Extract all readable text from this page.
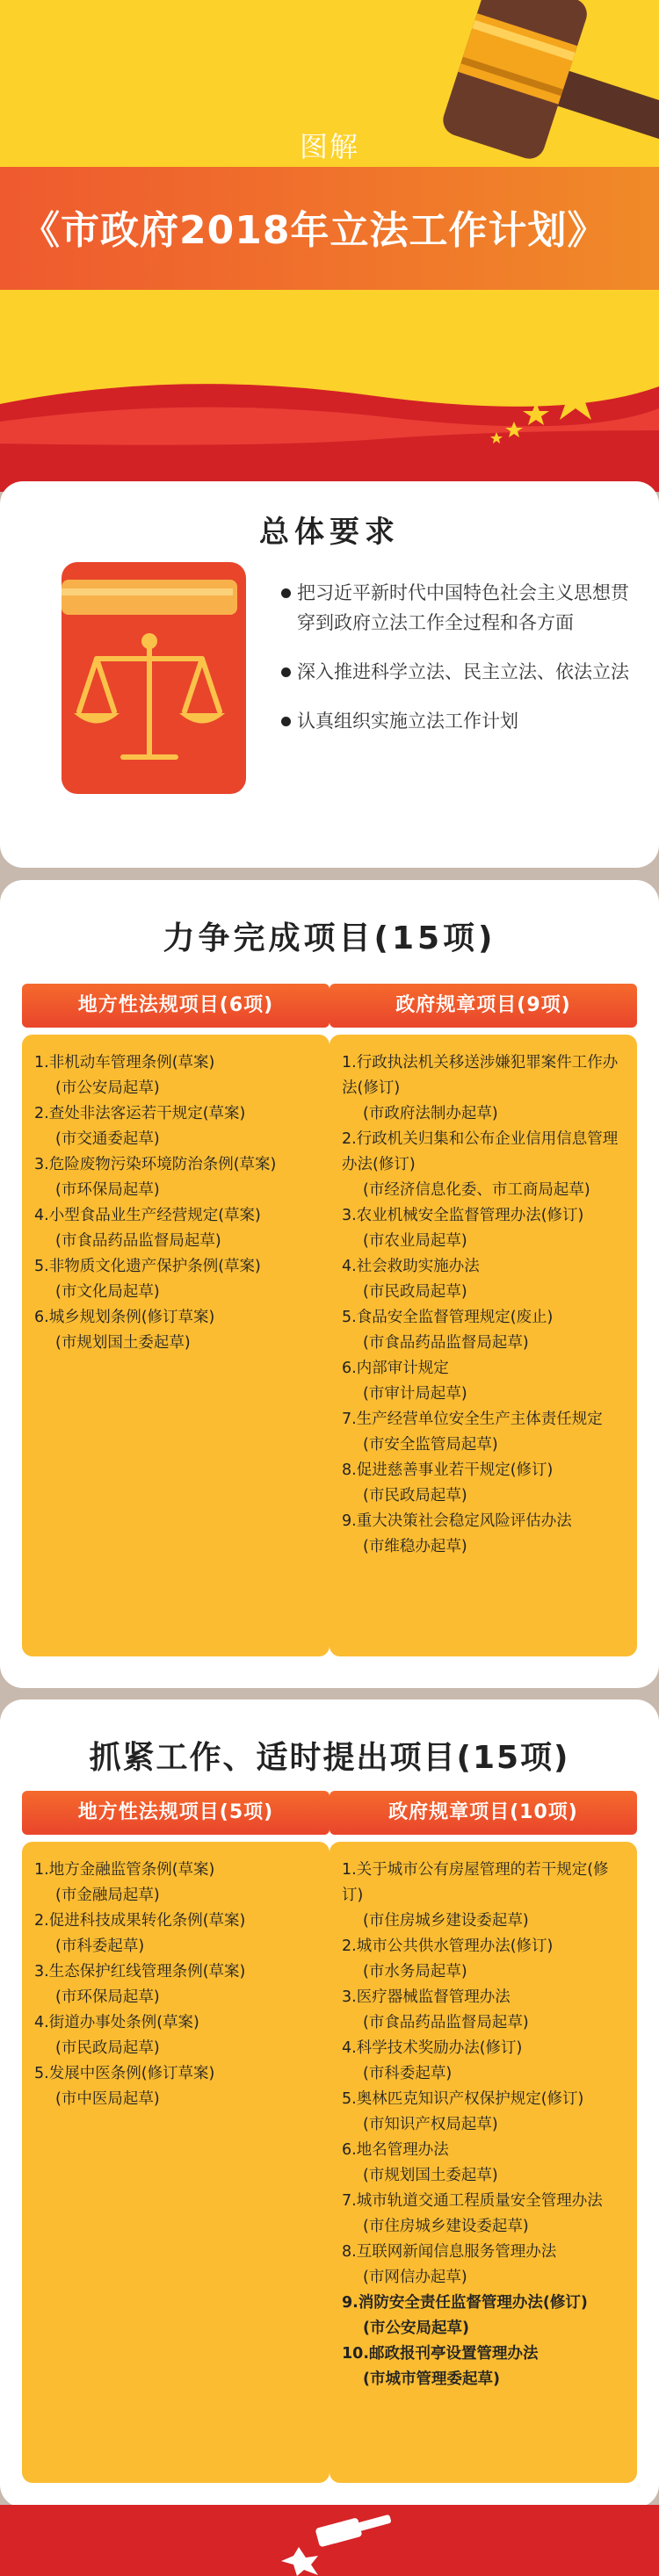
图解
《市政府2018年立法工作计划》
总体要求
把习近平新时代中国特色社会主义思想贯穿到政府立法工作全过程和各方面
深入推进科学立法、民主立法、依法立法
认真组织实施立法工作计划
力争完成项目(15项)
地方性法规项目(6项)	政府规章项目(9项)
1.非机动车管理条例(草案)
(市公安局起草)
2.查处非法客运若干规定(草案)
(市交通委起草)
3.危险废物污染环境防治条例(草案)
(市环保局起草)
4.小型食品业生产经营规定(草案)
(市食品药品监督局起草)
5.非物质文化遗产保护条例(草案)
(市文化局起草)
6.城乡规划条例(修订草案)
(市规划国土委起草)
1.行政执法机关移送涉嫌犯罪案件工作办法(修订)
(市政府法制办起草)
2.行政机关归集和公布企业信用信息管理办法(修订)
(市经济信息化委、市工商局起草)
3.农业机械安全监督管理办法(修订)
(市农业局起草)
4.社会救助实施办法
(市民政局起草)
5.食品安全监督管理规定(废止)
(市食品药品监督局起草)
6.内部审计规定
(市审计局起草)
7.生产经营单位安全生产主体责任规定
(市安全监管局起草)
8.促进慈善事业若干规定(修订)
(市民政局起草)
9.重大决策社会稳定风险评估办法
(市维稳办起草)
抓紧工作、适时提出项目(15项)
地方性法规项目(5项)	政府规章项目(10项)
1.地方金融监管条例(草案)
(市金融局起草)
2.促进科技成果转化条例(草案)
(市科委起草)
3.生态保护红线管理条例(草案)
(市环保局起草)
4.街道办事处条例(草案)
(市民政局起草)
5.发展中医条例(修订草案)
(市中医局起草)
1.关于城市公有房屋管理的若干规定(修订)
(市住房城乡建设委起草)
2.城市公共供水管理办法(修订)
(市水务局起草)
3.医疗器械监督管理办法
(市食品药品监督局起草)
4.科学技术奖励办法(修订)
(市科委起草)
5.奥林匹克知识产权保护规定(修订)
(市知识产权局起草)
6.地名管理办法
(市规划国土委起草)
7.城市轨道交通工程质量安全管理办法
(市住房城乡建设委起草)
8.互联网新闻信息服务管理办法
(市网信办起草)
9.消防安全责任监督管理办法(修订)
(市公安局起草)
10.邮政报刊亭设置管理办法
(市城市管理委起草)
